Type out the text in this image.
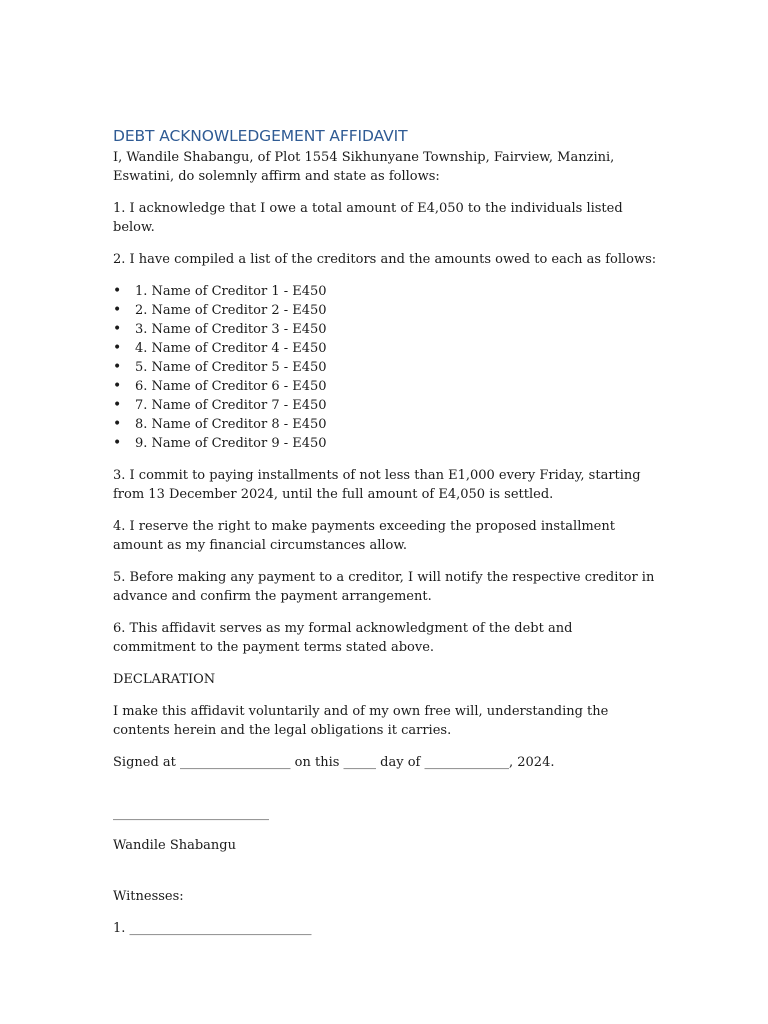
DEBT ACKNOWLEDGEMENT AFFIDAVIT

I, Wandile Shabangu, of Plot 1554 Sikhunyane Township, Fairview, Manzini, Eswatini, do solemnly affirm and state as follows:

1. I acknowledge that I owe a total amount of E4,050 to the individuals listed below.

2. I have compiled a list of the creditors and the amounts owed to each as follows:

• 1. Name of Creditor 1 - E450
• 2. Name of Creditor 2 - E450
• 3. Name of Creditor 3 - E450
• 4. Name of Creditor 4 - E450
• 5. Name of Creditor 5 - E450
• 6. Name of Creditor 6 - E450
• 7. Name of Creditor 7 - E450
• 8. Name of Creditor 8 - E450
• 9. Name of Creditor 9 - E450

3. I commit to paying installments of not less than E1,000 every Friday, starting from 13 December 2024, until the full amount of E4,050 is settled.

4. I reserve the right to make payments exceeding the proposed installment amount as my financial circumstances allow.

5. Before making any payment to a creditor, I will notify the respective creditor in advance and confirm the payment arrangement.

6. This affidavit serves as my formal acknowledgment of the debt and commitment to the payment terms stated above.

DECLARATION

I make this affidavit voluntarily and of my own free will, understanding the contents herein and the legal obligations it carries.

Signed at _________________ on this _____ day of _____________, 2024.

________________________

Wandile Shabangu

Witnesses:

1. ____________________________
